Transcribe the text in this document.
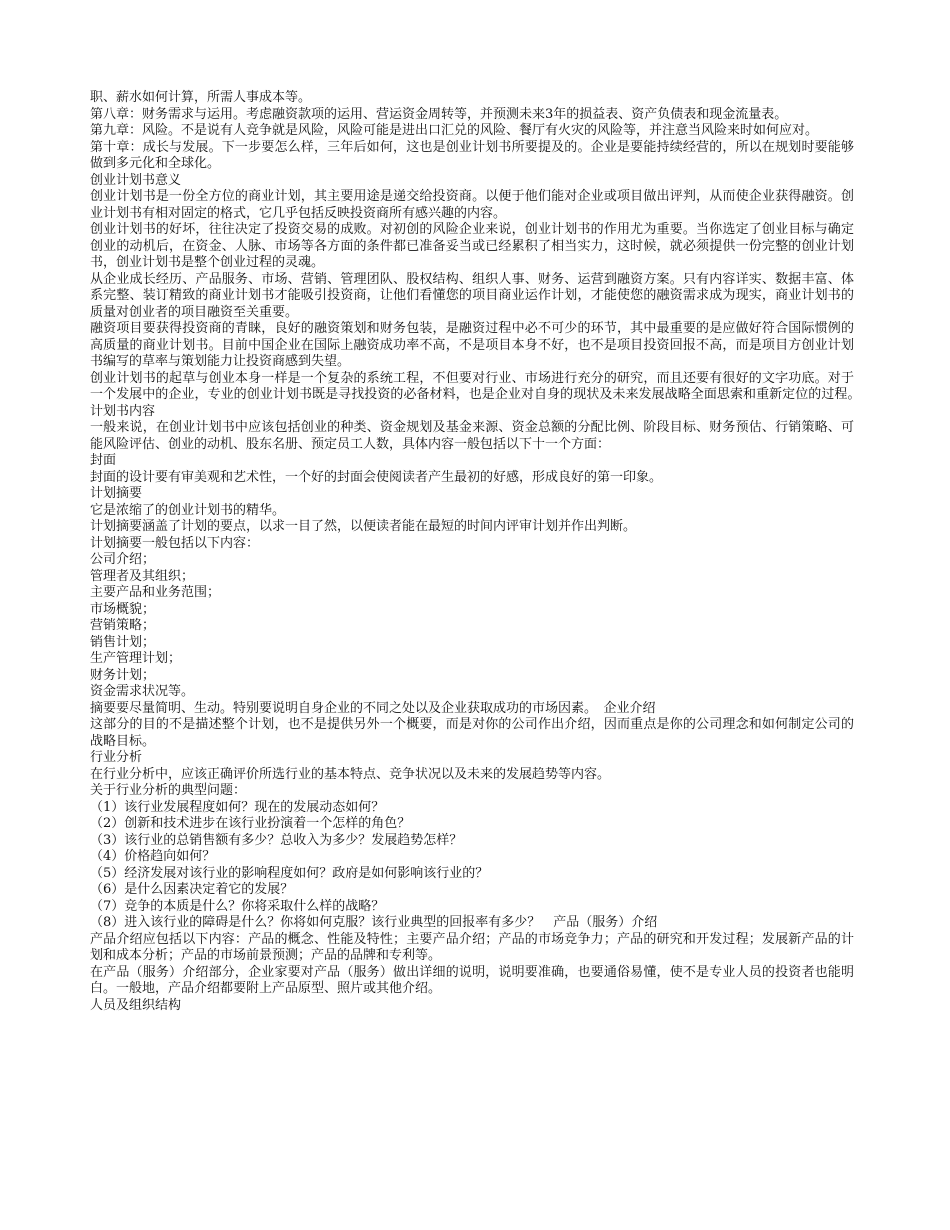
职、薪水如何计算，所需人事成本等。
第八章：财务需求与运用。考虑融资款项的运用、营运资金周转等，并预测未来3年的损益表、资产负债表和现金流量表。
第九章：风险。不是说有人竞争就是风险，风险可能是进出口汇兑的风险、餐厅有火灾的风险等，并注意当风险来时如何应对。
第十章：成长与发展。下一步要怎么样，三年后如何，这也是创业计划书所要提及的。企业是要能持续经营的，所以在规划时要能够做到多元化和全球化。
创业计划书意义
创业计划书是一份全方位的商业计划，其主要用途是递交给投资商。以便于他们能对企业或项目做出评判，从而使企业获得融资。创业计划书有相对固定的格式，它几乎包括反映投资商所有感兴趣的内容。
创业计划书的好坏，往往决定了投资交易的成败。对初创的风险企业来说，创业计划书的作用尤为重要。当你选定了创业目标与确定创业的动机后，在资金、人脉、市场等各方面的条件都已准备妥当或已经累积了相当实力，这时候，就必须提供一份完整的创业计划书，创业计划书是整个创业过程的灵魂。
从企业成长经历、产品服务、市场、营销、管理团队、股权结构、组织人事、财务、运营到融资方案。只有内容详实、数据丰富、体系完整、装订精致的商业计划书才能吸引投资商，让他们看懂您的项目商业运作计划，才能使您的融资需求成为现实，商业计划书的质量对创业者的项目融资至关重要。
融资项目要获得投资商的青睐，良好的融资策划和财务包装，是融资过程中必不可少的环节，其中最重要的是应做好符合国际惯例的高质量的商业计划书。目前中国企业在国际上融资成功率不高，不是项目本身不好，也不是项目投资回报不高，而是项目方创业计划书编写的草率与策划能力让投资商感到失望。
创业计划书的起草与创业本身一样是一个复杂的系统工程，不但要对行业、市场进行充分的研究，而且还要有很好的文字功底。对于一个发展中的企业，专业的创业计划书既是寻找投资的必备材料，也是企业对自身的现状及未来发展战略全面思索和重新定位的过程。　计划书内容
一般来说，在创业计划书中应该包括创业的种类、资金规划及基金来源、资金总额的分配比例、阶段目标、财务预估、行销策略、可能风险评估、创业的动机、股东名册、预定员工人数，具体内容一般包括以下十一个方面：
封面
封面的设计要有审美观和艺术性，一个好的封面会使阅读者产生最初的好感，形成良好的第一印象。
计划摘要
它是浓缩了的创业计划书的精华。
计划摘要涵盖了计划的要点，以求一目了然，以便读者能在最短的时间内评审计划并作出判断。
计划摘要一般包括以下内容：
公司介绍；
管理者及其组织；
主要产品和业务范围；
市场概貌；
营销策略；
销售计划；
生产管理计划；
财务计划；
资金需求状况等。
摘要要尽量简明、生动。特别要说明自身企业的不同之处以及企业获取成功的市场因素。　企业介绍
这部分的目的不是描述整个计划，也不是提供另外一个概要，而是对你的公司作出介绍，因而重点是你的公司理念和如何制定公司的战略目标。
行业分析
在行业分析中，应该正确评价所选行业的基本特点、竞争状况以及未来的发展趋势等内容。
关于行业分析的典型问题：
（1）该行业发展程度如何？现在的发展动态如何？
（2）创新和技术进步在该行业扮演着一个怎样的角色？
（3）该行业的总销售额有多少？总收入为多少？发展趋势怎样？
（4）价格趋向如何？
（5）经济发展对该行业的影响程度如何？政府是如何影响该行业的？
（6）是什么因素决定着它的发展？
（7）竞争的本质是什么？你将采取什么样的战略？
（8）进入该行业的障碍是什么？你将如何克服？该行业典型的回报率有多少？　产品（服务）介绍
产品介绍应包括以下内容：产品的概念、性能及特性；主要产品介绍；产品的市场竞争力；产品的研究和开发过程；发展新产品的计划和成本分析；产品的市场前景预测；产品的品牌和专利等。
在产品（服务）介绍部分，企业家要对产品（服务）做出详细的说明，说明要准确，也要通俗易懂，使不是专业人员的投资者也能明白。一般地，产品介绍都要附上产品原型、照片或其他介绍。
人员及组织结构
